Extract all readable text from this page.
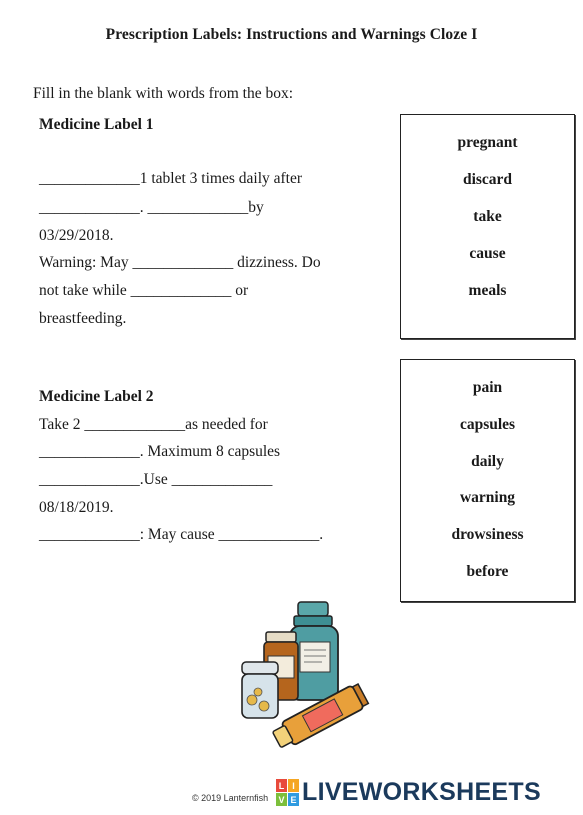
Prescription Labels: Instructions and Warnings Cloze I
Fill in the blank with words from the box:
Medicine Label 1
_____________1 tablet 3 times daily after
_____________. _____________by
03/29/2018.
Warning: May _____________ dizziness. Do
not take while _____________ or
breastfeeding.
pregnant
discard
take
cause
meals
Medicine Label 2
Take 2 _____________as needed for
_____________. Maximum 8 capsules
_____________.Use _____________
08/18/2019.
_____________: May cause _____________.
pain
capsules
daily
warning
drowsiness
before
© 2019 Lanternfish
L I
V E LIVEWORKSHEETS
